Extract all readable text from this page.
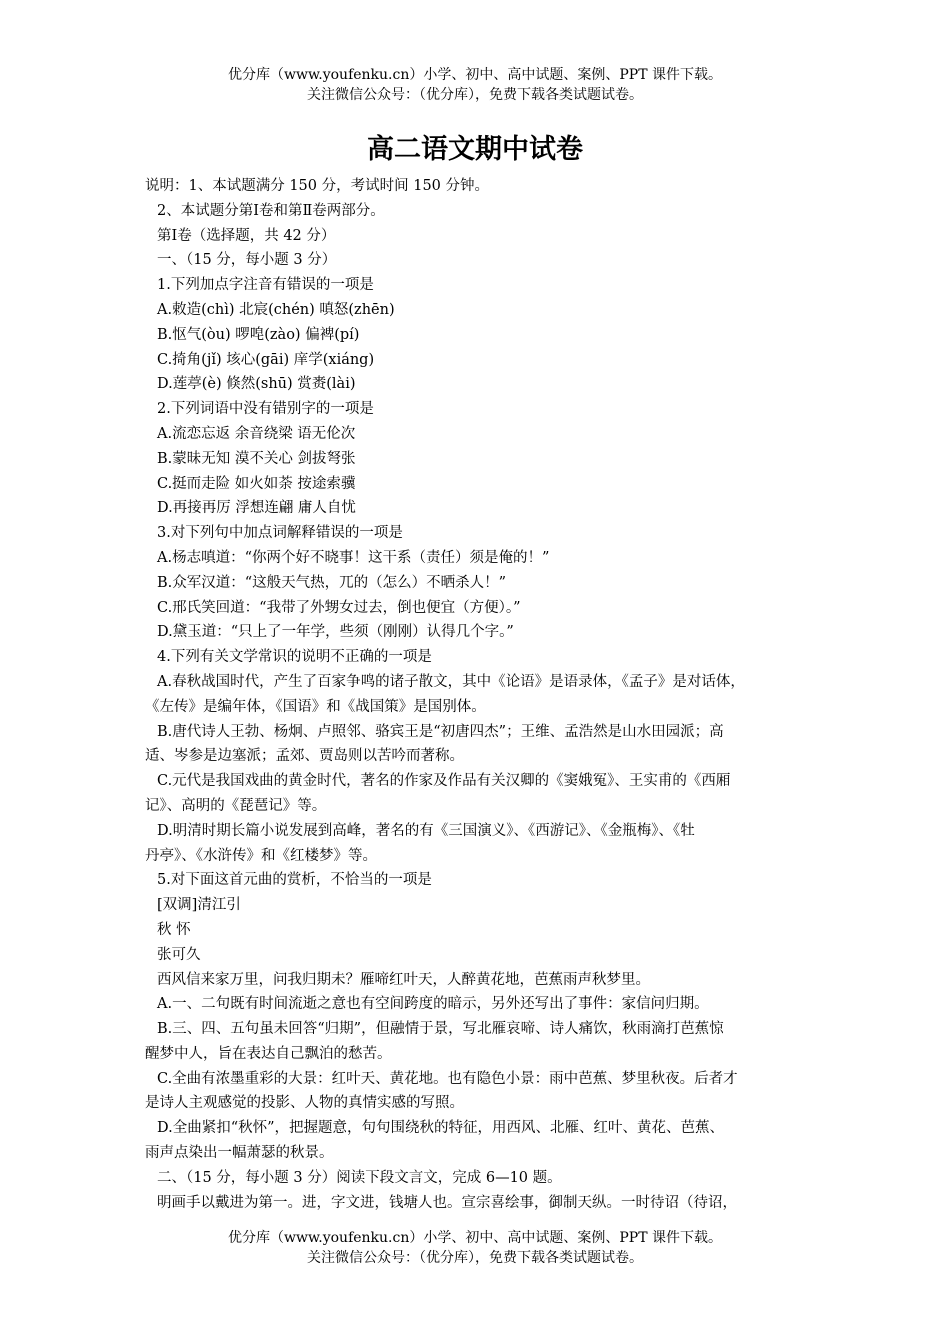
优分库（www.youfenku.cn）小学、初中、高中试题、案例、PPT 课件下载。
关注微信公众号：（优分库），免费下载各类试题试卷。
高二语文期中试卷

说明：1、本试题满分 150 分，考试时间 150 分钟。

2、本试题分第Ⅰ卷和第Ⅱ卷两部分。

第Ⅰ卷（选择题，共 42 分）

一、（15 分，每小题 3 分）

1.下列加点字注音有错误的一项是

A.敕造(chì) 北宸(chén) 嗔怒(zhēn)

B.怄气(òu) 啰唣(zào) 偏裨(pí)

C.掎角(jǐ) 垓心(gāi) 庠学(xiáng)

D.莲葶(è) 倏然(shū) 赏赉(lài)

2.下列词语中没有错别字的一项是

A.流恋忘返 余音绕梁 语无伦次

B.蒙昧无知 漠不关心 剑拔弩张

C.挺而走险 如火如荼 按途索骥

D.再接再厉 浮想连翩 庸人自忧

3.对下列句中加点词解释错误的一项是

A.杨志嗔道：“你两个好不晓事！这干系（责任）须是俺的！”

B.众军汉道：“这般天气热，兀的（怎么）不晒杀人！”

C.邢氏笑回道：“我带了外甥女过去，倒也便宜（方便）。”

D.黛玉道：“只上了一年学，些须（刚刚）认得几个字。”

4.下列有关文学常识的说明不正确的一项是

A.春秋战国时代，产生了百家争鸣的诸子散文，其中《论语》是语录体，《孟子》是对话体，

《左传》是编年体，《国语》和《战国策》是国别体。

B.唐代诗人王勃、杨炯、卢照邻、骆宾王是“初唐四杰”；王维、孟浩然是山水田园派；高

适、岑参是边塞派；孟郊、贾岛则以苦吟而著称。

C.元代是我国戏曲的黄金时代，著名的作家及作品有关汉卿的《窦娥冤》、王实甫的《西厢

记》、高明的《琵琶记》等。

D.明清时期长篇小说发展到高峰，著名的有《三国演义》、《西游记》、《金瓶梅》、《牡

丹亭》、《水浒传》和《红楼梦》等。

5.对下面这首元曲的赏析，不恰当的一项是

[双调]清江引

秋 怀

张可久

西风信来家万里，问我归期未？雁啼红叶天，人醉黄花地，芭蕉雨声秋梦里。

A.一、二句既有时间流逝之意也有空间跨度的暗示，另外还写出了事件：家信问归期。

B.三、四、五句虽未回答“归期”，但融情于景，写北雁哀啼、诗人痛饮，秋雨滴打芭蕉惊

醒梦中人，旨在表达自己飘泊的愁苦。

C.全曲有浓墨重彩的大景：红叶天、黄花地。也有隐色小景：雨中芭蕉、梦里秋夜。后者才

是诗人主观感觉的投影、人物的真情实感的写照。

D.全曲紧扣“秋怀”，把握题意，句句围绕秋的特征，用西风、北雁、红叶、黄花、芭蕉、

雨声点染出一幅萧瑟的秋景。

二、（15 分，每小题 3 分）阅读下段文言文，完成 6—10 题。

明画手以戴进为第一。进，字文进，钱塘人也。宣宗喜绘事，御制天纵。一时待诏（待诏，

优分库（www.youfenku.cn）小学、初中、高中试题、案例、PPT 课件下载。
关注微信公众号：（优分库），免费下载各类试题试卷。
